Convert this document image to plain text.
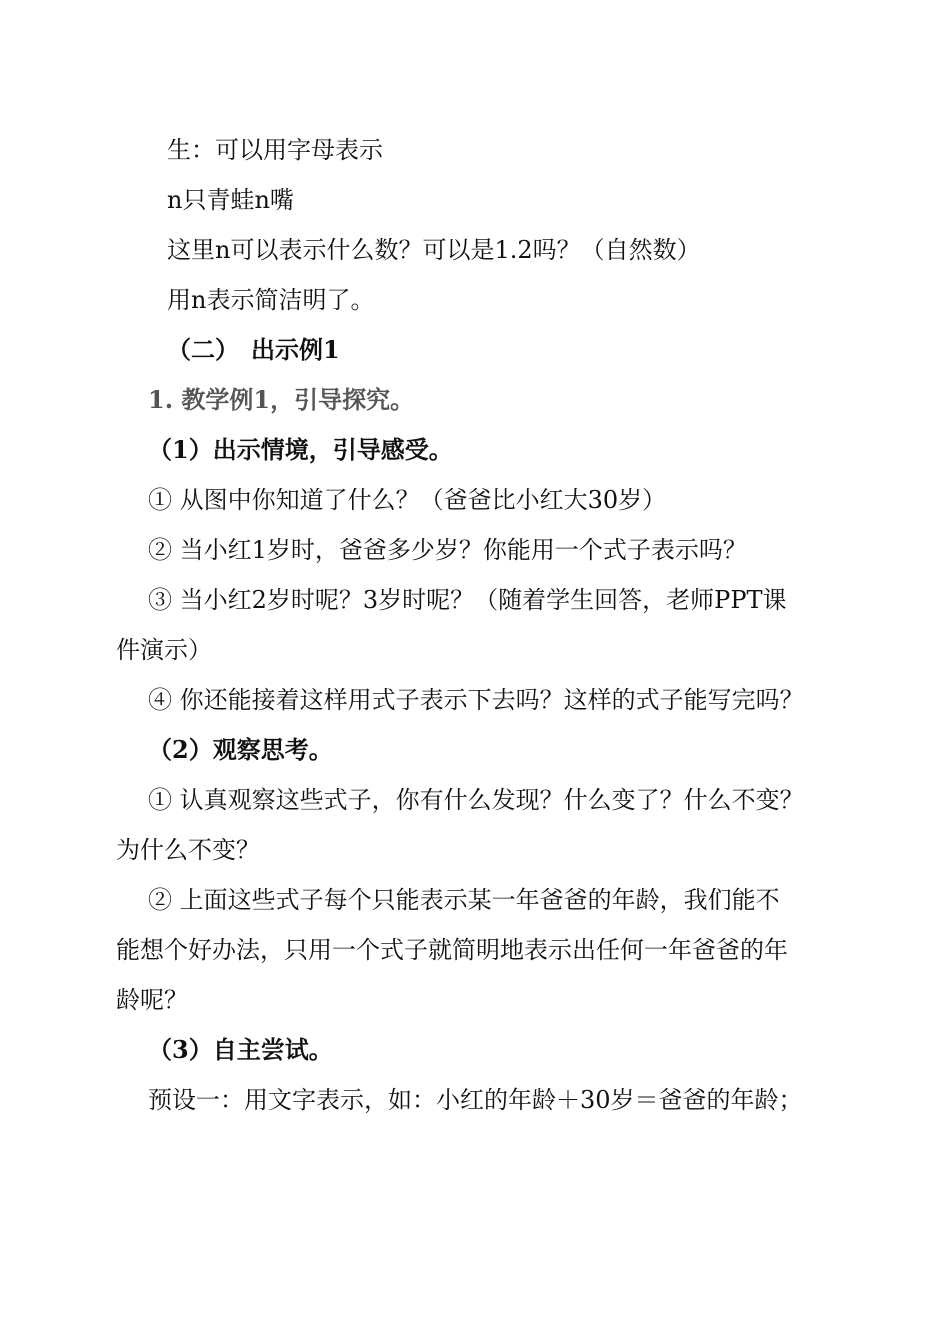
生：可以用字母表示
n只青蛙n嘴
这里n可以表示什么数？可以是1.2吗？（自然数）
用n表示简洁明了。
（二）　出示例1
1. 教学例1，引导探究。
（1）出示情境，引导感受。
① 从图中你知道了什么？（爸爸比小红大30岁）
② 当小红1岁时，爸爸多少岁？你能用一个式子表示吗？
③ 当小红2岁时呢？3岁时呢？（随着学生回答，老师PPT课
件演示）
④ 你还能接着这样用式子表示下去吗？这样的式子能写完吗？
（2）观察思考。
① 认真观察这些式子，你有什么发现？什么变了？什么不变？
为什么不变？
② 上面这些式子每个只能表示某一年爸爸的年龄，我们能不
能想个好办法，只用一个式子就简明地表示出任何一年爸爸的年
龄呢？
（3）自主尝试。
预设一：用文字表示，如：小红的年龄＋30岁＝爸爸的年龄；
